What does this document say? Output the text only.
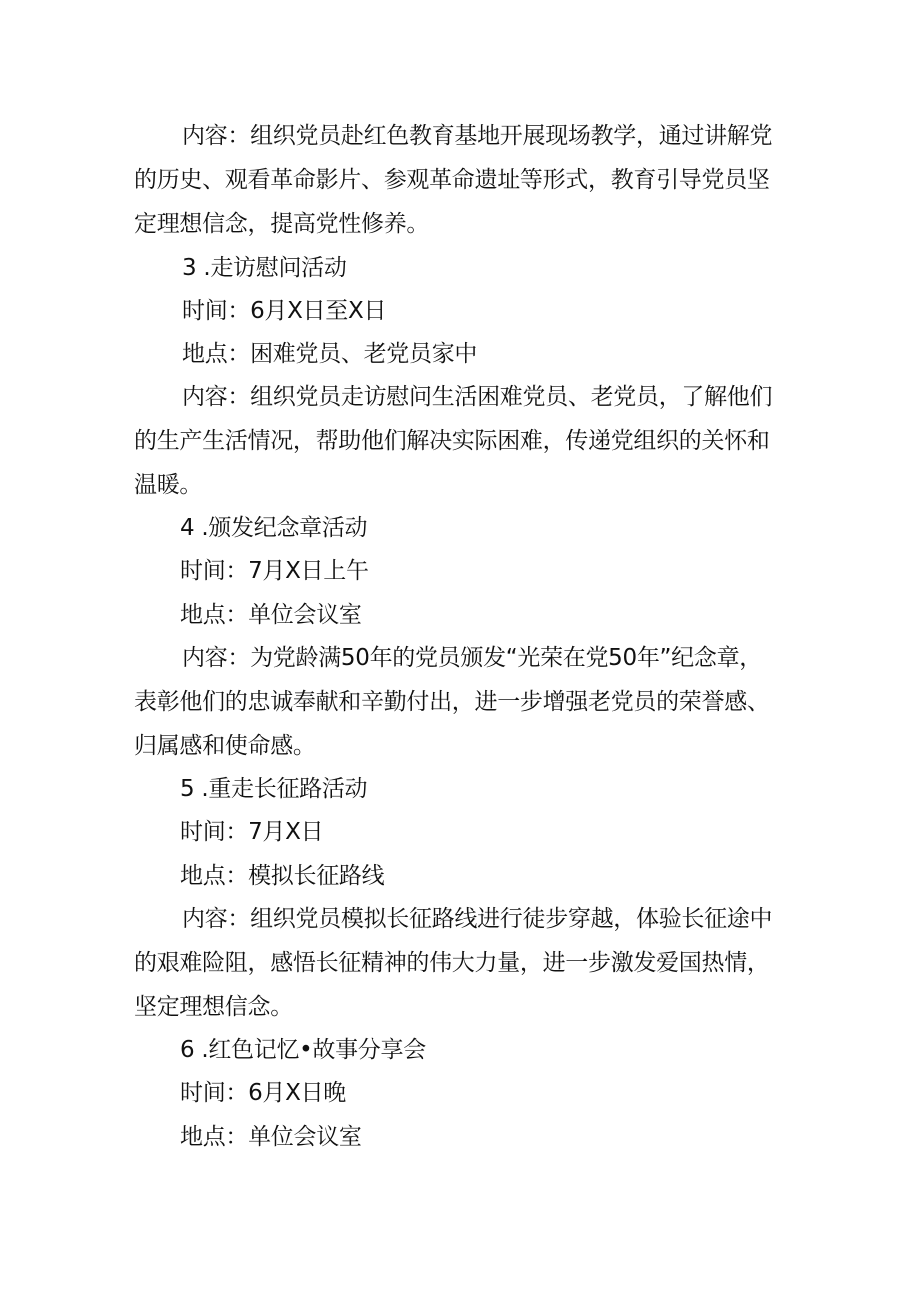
内容：组织党员赴红色教育基地开展现场教学，通过讲解党
的历史、观看革命影片、参观革命遗址等形式，教育引导党员坚
定理想信念，提高党性修养。
3 .走访慰问活动
时间：6月X日至X日
地点：困难党员、老党员家中
内容：组织党员走访慰问生活困难党员、老党员，了解他们
的生产生活情况，帮助他们解决实际困难，传递党组织的关怀和
温暖。
4 .颁发纪念章活动
时间：7月X日上午
地点：单位会议室
内容：为党龄满50年的党员颁发“光荣在党50年”纪念章，
表彰他们的忠诚奉献和辛勤付出，进一步增强老党员的荣誉感、
归属感和使命感。
5 .重走长征路活动
时间：7月X日
地点：模拟长征路线
内容：组织党员模拟长征路线进行徒步穿越，体验长征途中
的艰难险阻，感悟长征精神的伟大力量，进一步激发爱国热情，
坚定理想信念。
6 .红色记忆•故事分享会
时间：6月X日晚
地点：单位会议室
